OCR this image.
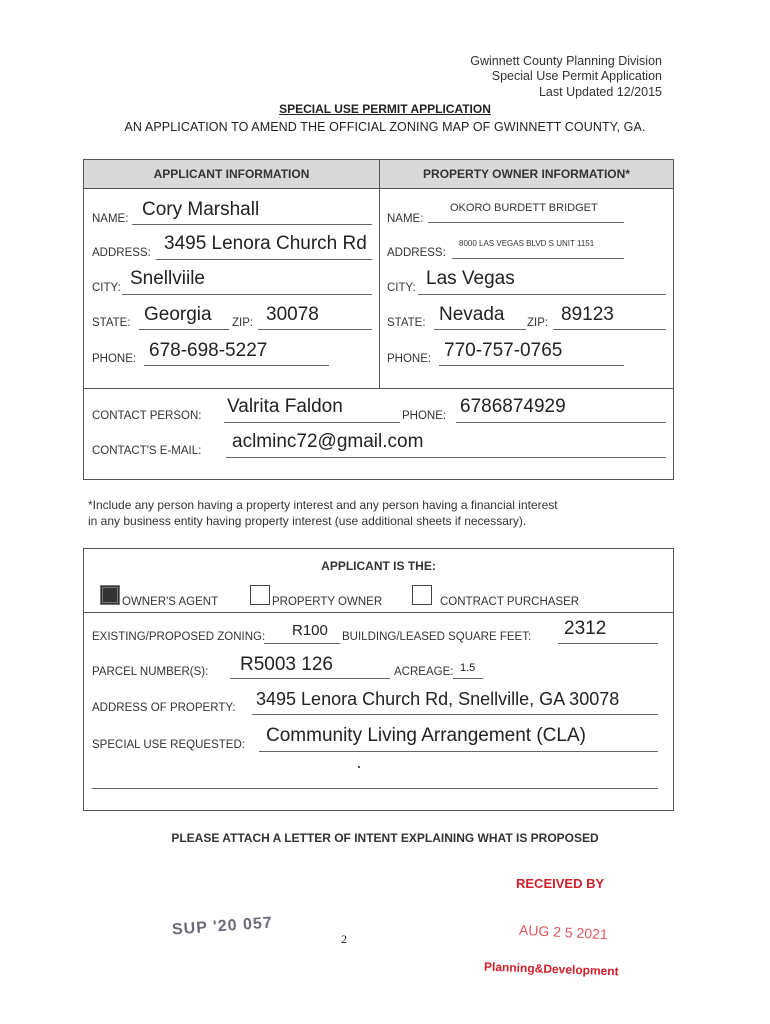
Gwinnett County Planning Division
Special Use Permit Application
Last Updated 12/2015
SPECIAL USE PERMIT APPLICATION
AN APPLICATION TO AMEND THE OFFICIAL ZONING MAP OF GWINNETT COUNTY, GA.
APPLICANT INFORMATION	PROPERTY OWNER INFORMATION*
NAME: Cory Marshall
ADDRESS: 3495 Lenora Church Rd
CITY: Snellviile
STATE: Georgia ZIP: 30078
PHONE: 678-698-5227
NAME:
OKORO BURDETT BRIDGET
ADDRESS:
8000 LAS VEGAS BLVD S UNIT 1151
CITY: Las Vegas
STATE: Nevada ZIP: 89123
PHONE: 770-757-0765
CONTACT PERSON: Valrita Faldon	PHONE: 6786874929
CONTACT'S E-MAIL: aclminc72@gmail.com
*Include any person having a property interest and any person having a financial interest
in any business entity having property interest (use additional sheets if necessary).
APPLICANT IS THE:
OWNER'S AGENT	PROPERTY OWNER	CONTRACT PURCHASER
EXISTING/PROPOSED ZONING: R100 BUILDING/LEASED SQUARE FEET: 2312
PARCEL NUMBER(S): R5003 126	ACREAGE: 1.5
ADDRESS OF PROPERTY: 3495 Lenora Church Rd, Snellville, GA 30078
SPECIAL USE REQUESTED: Community Living Arrangement (CLA)
PLEASE ATTACH A LETTER OF INTENT EXPLAINING WHAT IS PROPOSED
RECEIVED BY
AUG 2 5 2021
Planning&Development
SUP '20 057
2
